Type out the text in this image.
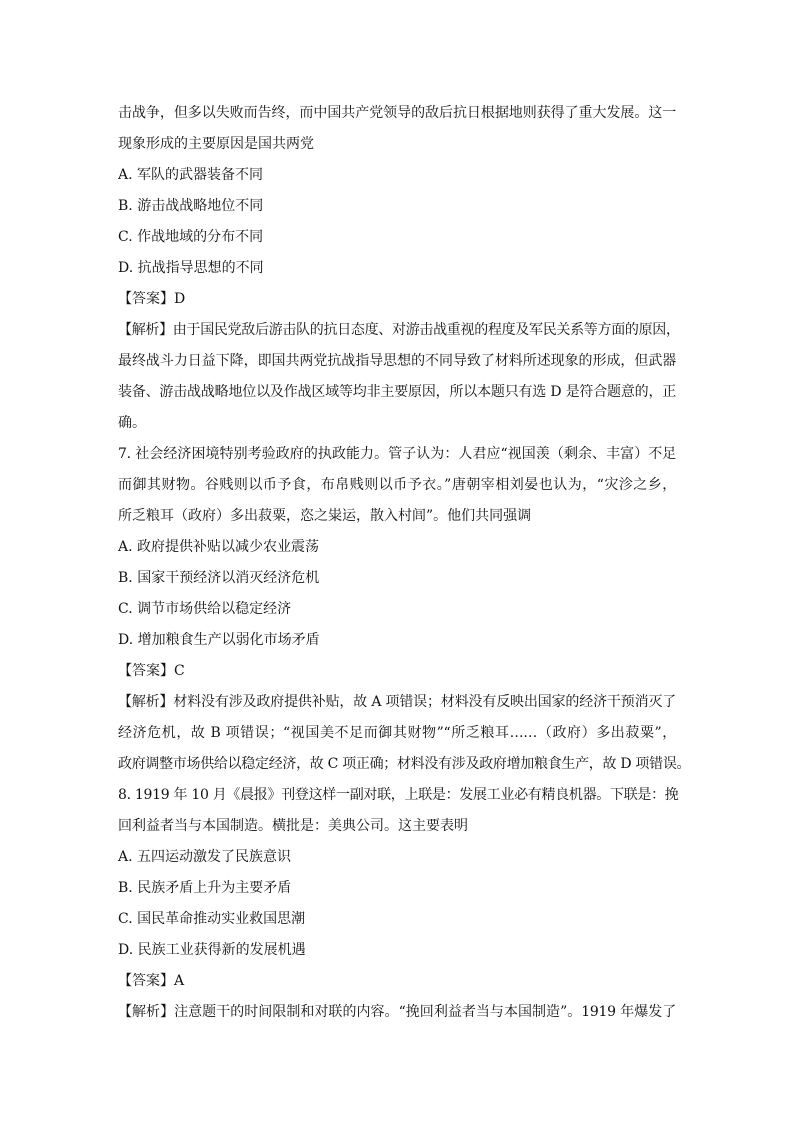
击战争，但多以失败而告终，而中国共产党领导的敌后抗日根据地则获得了重大发展。这一
现象形成的主要原因是国共两党
A. 军队的武器装备不同
B. 游击战战略地位不同
C. 作战地域的分布不同
D. 抗战指导思想的不同
【答案】D
【解析】由于国民党敌后游击队的抗日态度、对游击战重视的程度及军民关系等方面的原因，
最终战斗力日益下降，即国共两党抗战指导思想的不同导致了材料所述现象的形成，但武器
装备、游击战战略地位以及作战区域等均非主要原因，所以本题只有选 D 是符合题意的，正
确。
7. 社会经济困境特别考验政府的执政能力。管子认为：人君应“视国羡（剩余、丰富）不足
而御其财物。谷贱则以币予食，布帛贱则以币予衣。”唐朝宰相刘晏也认为，“灾沴之乡，
所乏粮耳（政府）多出菽粟，恣之粜运，散入村闾”。他们共同强调
A. 政府提供补贴以减少农业震荡
B. 国家干预经济以消灭经济危机
C. 调节市场供给以稳定经济
D. 增加粮食生产以弱化市场矛盾
【答案】C
【解析】材料没有涉及政府提供补贴，故 A 项错误；材料没有反映出国家的经济干预消灭了
经济危机，故 B 项错误；“视国美不足而御其财物”“所乏粮耳……（政府）多出菽粟”，
政府调整市场供给以稳定经济，故 C 项正确；材料没有涉及政府增加粮食生产，故 D 项错误。
8. 1919 年 10 月《晨报》刊登这样一副对联，上联是：发展工业必有精良机器。下联是：挽
回利益者当与本国制造。横批是：美典公司。这主要表明
A. 五四运动激发了民族意识
B. 民族矛盾上升为主要矛盾
C. 国民革命推动实业救国思潮
D. 民族工业获得新的发展机遇
【答案】A
【解析】注意题干的时间限制和对联的内容。“挽回利益者当与本国制造”。1919 年爆发了
